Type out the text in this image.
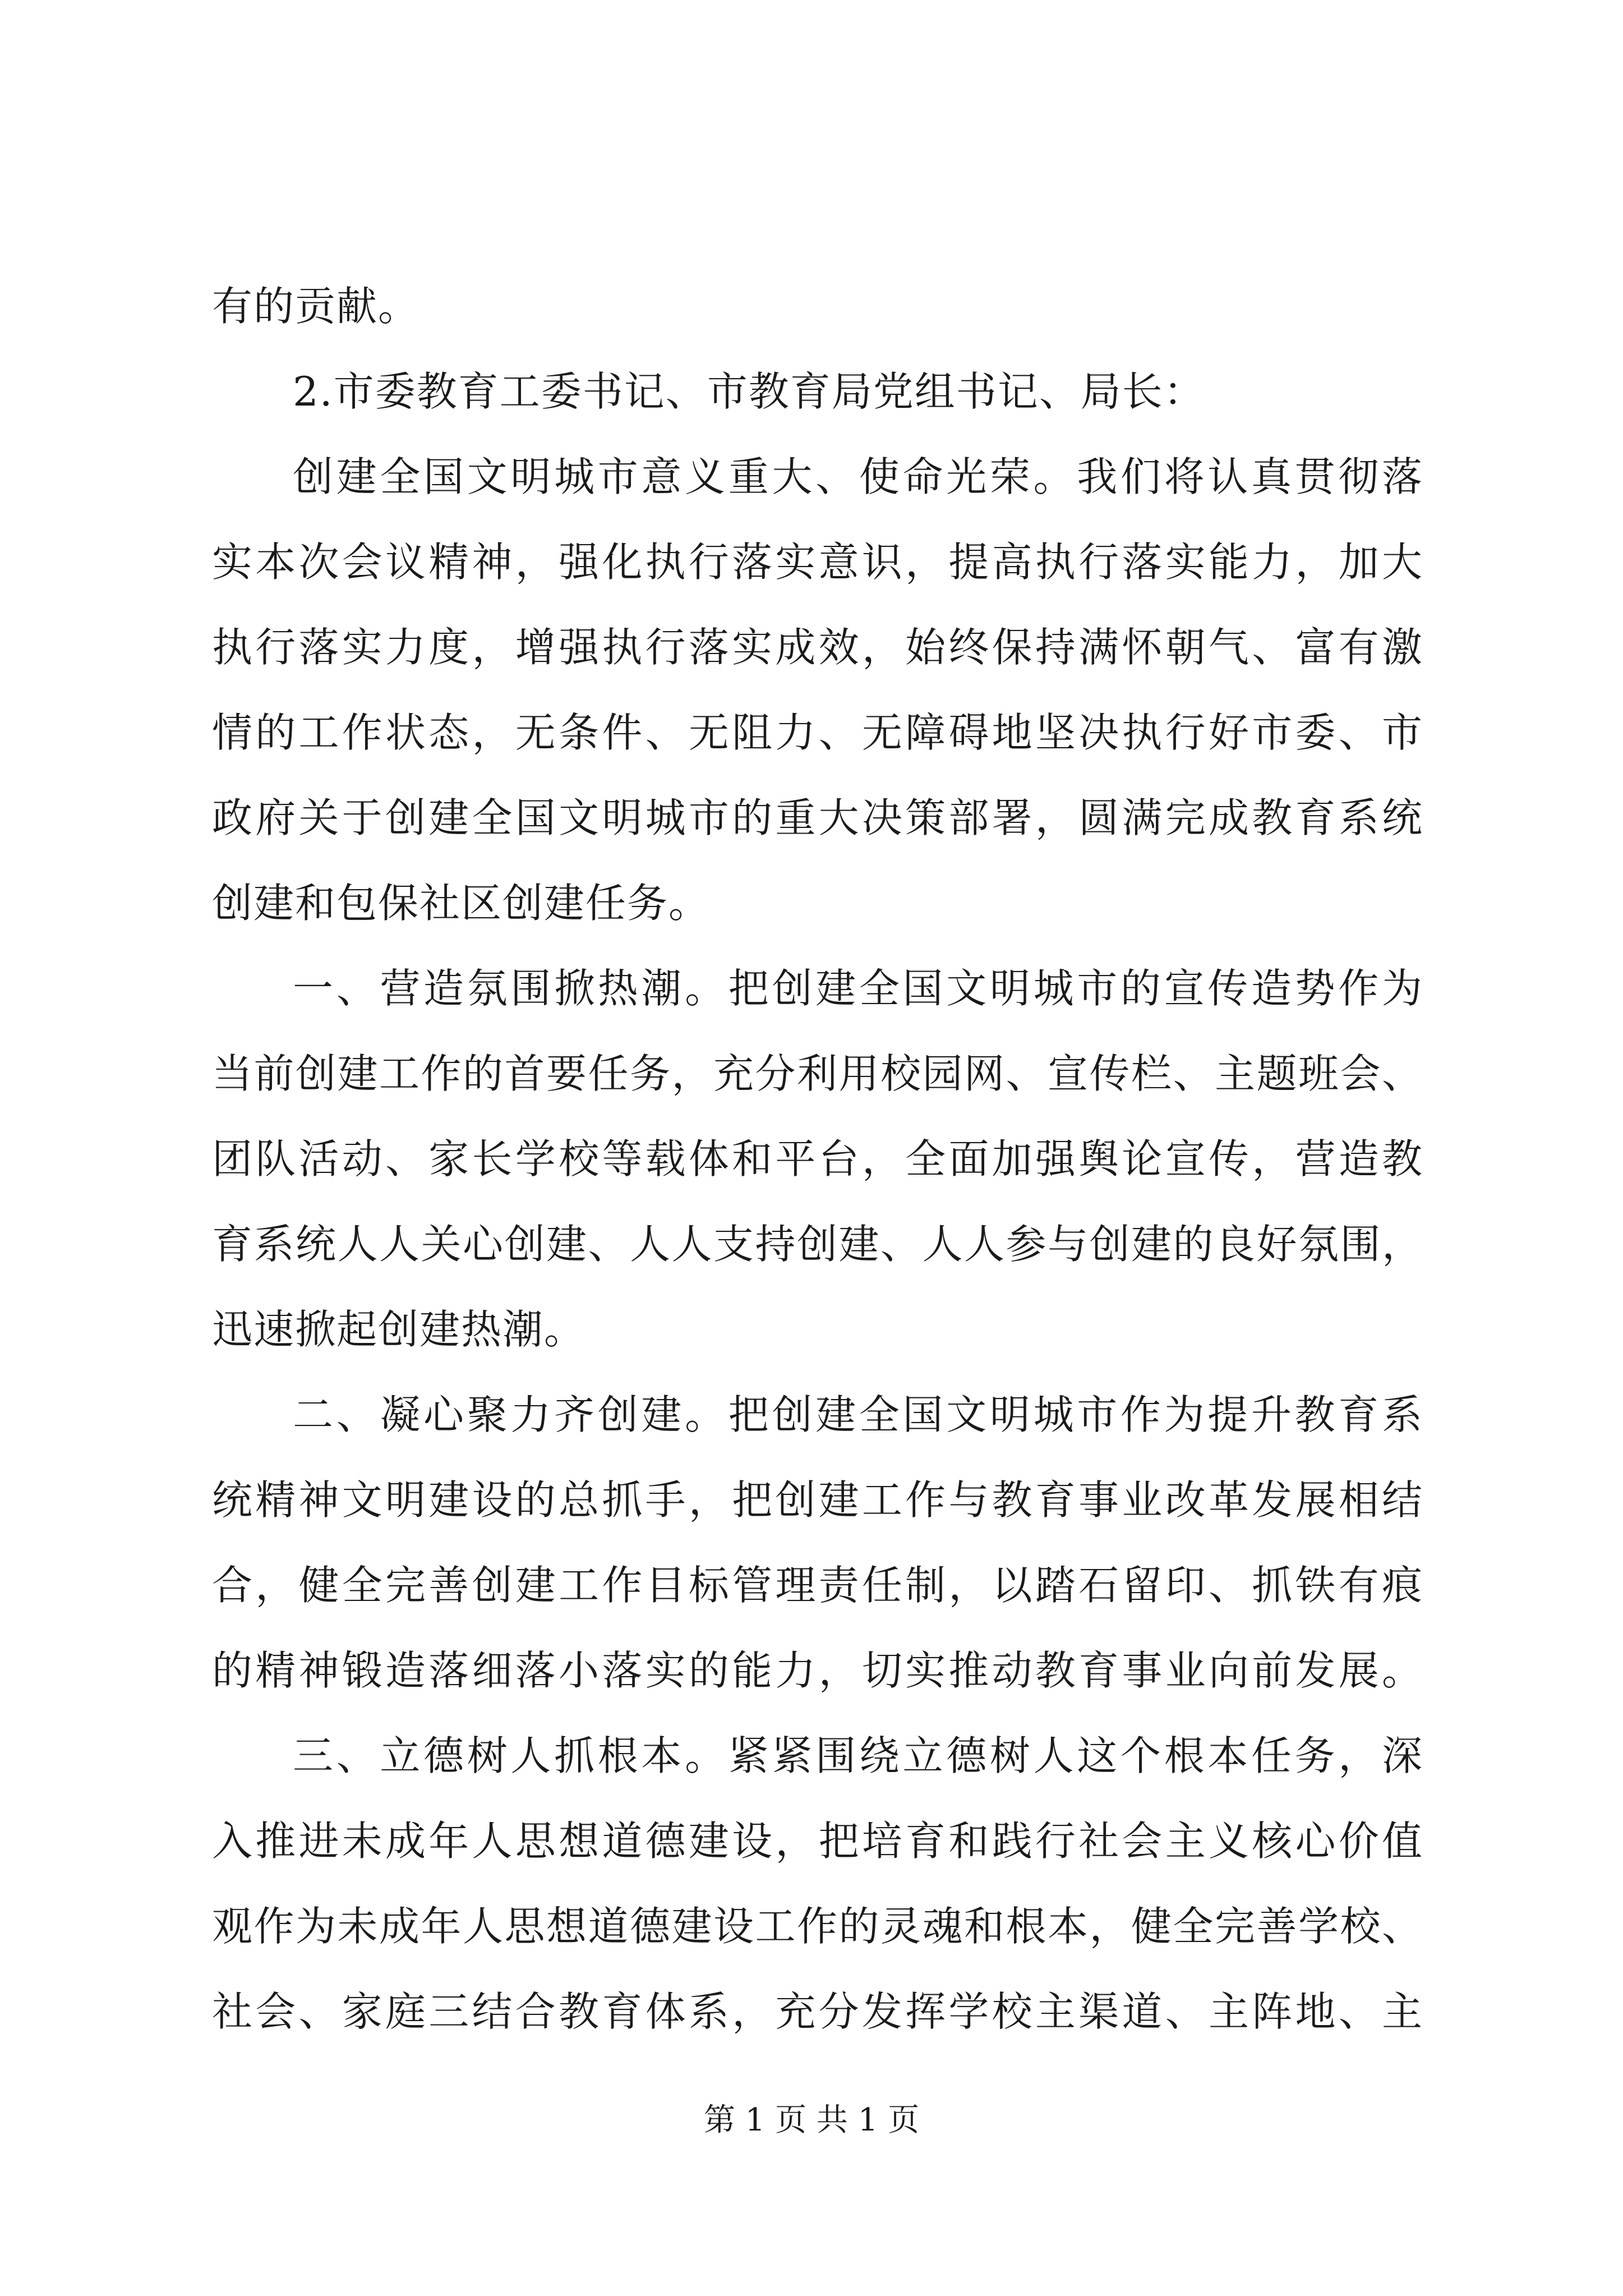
有的贡献。
2.市委教育工委书记、市教育局党组书记、局长：
创建全国文明城市意义重大、使命光荣。我们将认真贯彻落
实本次会议精神，强化执行落实意识，提高执行落实能力，加大
执行落实力度，增强执行落实成效，始终保持满怀朝气、富有激
情的工作状态，无条件、无阻力、无障碍地坚决执行好市委、市
政府关于创建全国文明城市的重大决策部署，圆满完成教育系统
创建和包保社区创建任务。
一、营造氛围掀热潮。把创建全国文明城市的宣传造势作为
当前创建工作的首要任务，充分利用校园网、宣传栏、主题班会、
团队活动、家长学校等载体和平台，全面加强舆论宣传，营造教
育系统人人关心创建、人人支持创建、人人参与创建的良好氛围，
迅速掀起创建热潮。
二、凝心聚力齐创建。把创建全国文明城市作为提升教育系
统精神文明建设的总抓手，把创建工作与教育事业改革发展相结
合，健全完善创建工作目标管理责任制，以踏石留印、抓铁有痕
的精神锻造落细落小落实的能力，切实推动教育事业向前发展。
三、立德树人抓根本。紧紧围绕立德树人这个根本任务，深
入推进未成年人思想道德建设，把培育和践行社会主义核心价值
观作为未成年人思想道德建设工作的灵魂和根本，健全完善学校、
社会、家庭三结合教育体系，充分发挥学校主渠道、主阵地、主
第 1 页 共 1 页
